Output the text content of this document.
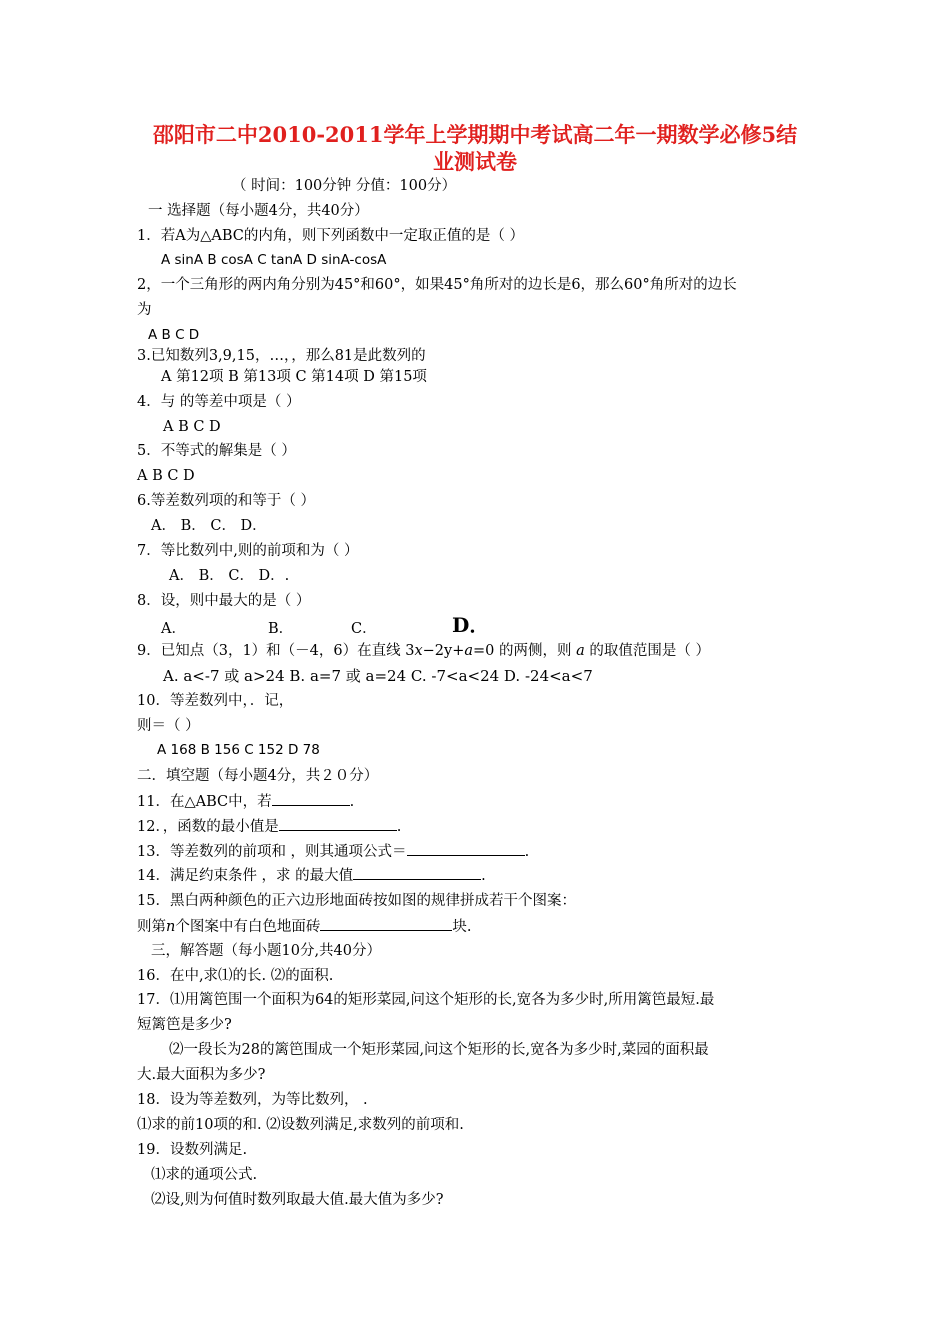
邵阳市二中2010-2011学年上学期期中考试高二年一期数学必修5结
业测试卷
（ 时间：100分钟 分值：100分）
一 选择题（每小题4分，共40分）
1．若A为△ABC的内角，则下列函数中一定取正值的是（ ）
A sinA B cosA C tanA D sinA-cosA
2，一个三角形的两内角分别为45°和60°，如果45°角所对的边长是6，那么60°角所对的边长
为
A B C D
3.已知数列3,9,15，…，，那么81是此数列的
A 第12项 B 第13项 C 第14项 D 第15项
4．与 的等差中项是（ ）
A B C D
5．不等式的解集是（ ）
A B C D
6.等差数列项的和等于（ ）
A． B． C． D．
7．等比数列中,则的前项和为（ ）
A． B． C． D．.
8．设，则中最大的是（ ）
A．	B．	C．	D．
9．已知点（3，1）和（－4，6）在直线 3x−2y+a=0 的两侧，则 a 的取值范围是（ ）
A. a<-7 或 a>24 B. a=7 或 a=24 C. -7<a<24 D. -24<a<7
10．等差数列中，．记，
则＝（ ）
A 168 B 156 C 152 D 78
二．填空题（每小题4分，共２０分）
11．在△ABC中，若	.
12．，函数的最小值是	.
13．等差数列的前项和 ，则其通项公式＝	.
14．满足约束条件 ，求 的最大值	.
15．黑白两种颜色的正六边形地面砖按如图的规律拼成若干个图案：
则第n个图案中有白色地面砖	块.
三，解答题（每小题10分,共40分）
16．在中,求⑴的长. ⑵的面积.
17．⑴用篱笆围一个面积为64的矩形菜园,问这个矩形的长,宽各为多少时,所用篱笆最短.最
短篱笆是多少?
⑵一段长为28的篱笆围成一个矩形菜园,问这个矩形的长,宽各为多少时,菜园的面积最
大.最大面积为多少?
18．设为等差数列，为等比数列， .
⑴求的前10项的和. ⑵设数列满足,求数列的前项和.
19．设数列满足.
⑴求的通项公式.
⑵设,则为何值时数列取最大值.最大值为多少?
